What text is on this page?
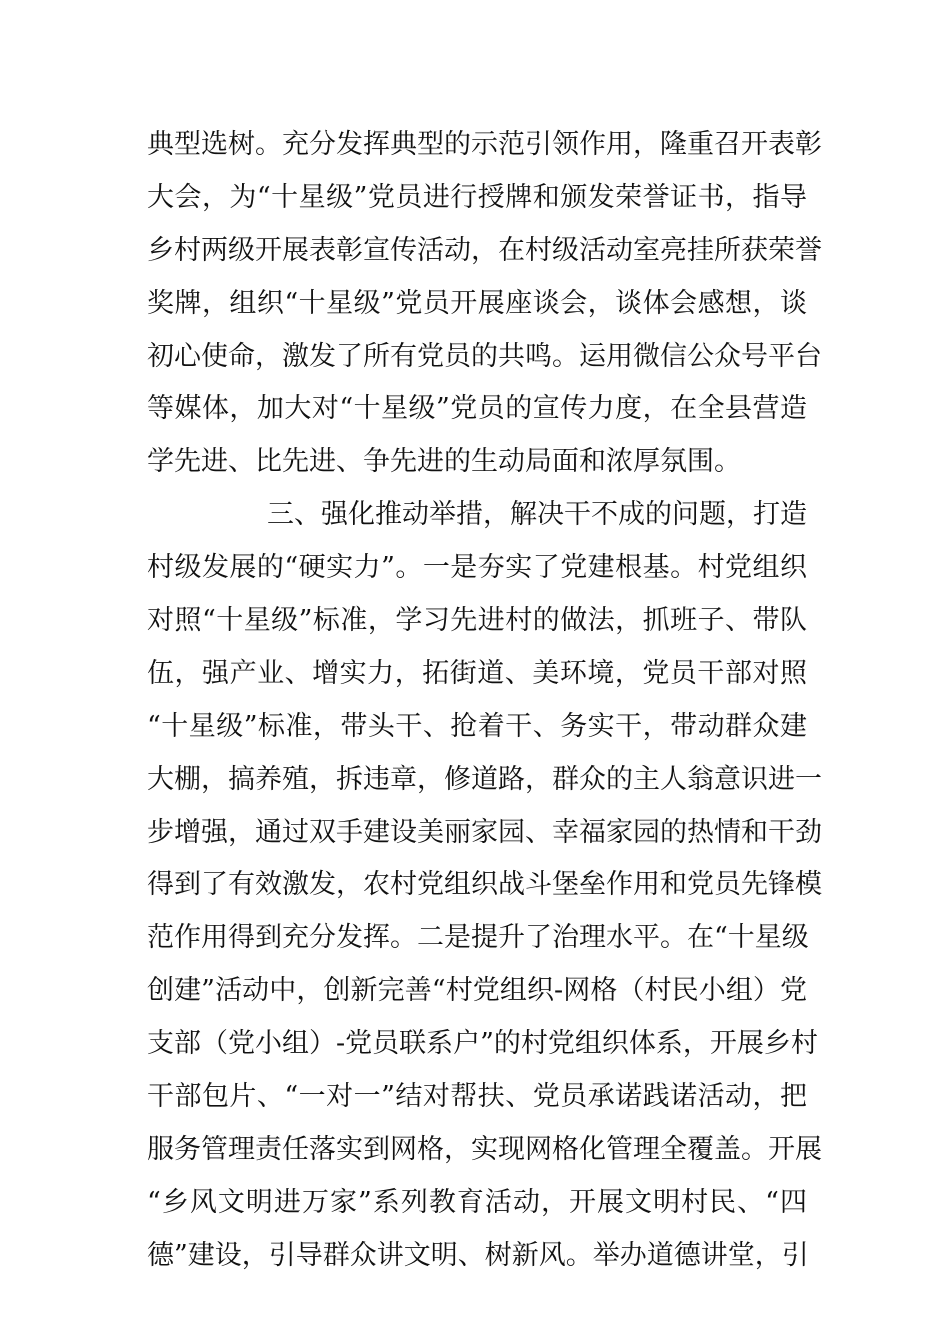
典型选树。充分发挥典型的示范引领作用，隆重召开表彰
大会，为“十星级”党员进行授牌和颁发荣誉证书，指导
乡村两级开展表彰宣传活动，在村级活动室亮挂所获荣誉
奖牌，组织“十星级”党员开展座谈会，谈体会感想，谈
初心使命，激发了所有党员的共鸣。运用微信公众号平台
等媒体，加大对“十星级”党员的宣传力度，在全县营造
学先进、比先进、争先进的生动局面和浓厚氛围。
三、强化推动举措，解决干不成的问题，打造
村级发展的“硬实力”。一是夯实了党建根基。村党组织
对照“十星级”标准，学习先进村的做法，抓班子、带队
伍，强产业、增实力，拓街道、美环境，党员干部对照
“十星级”标准，带头干、抢着干、务实干，带动群众建
大棚，搞养殖，拆违章，修道路，群众的主人翁意识进一
步增强，通过双手建设美丽家园、幸福家园的热情和干劲
得到了有效激发，农村党组织战斗堡垒作用和党员先锋模
范作用得到充分发挥。二是提升了治理水平。在“十星级
创建”活动中，创新完善“村党组织-网格（村民小组）党
支部（党小组）-党员联系户”的村党组织体系，开展乡村
干部包片、“一对一”结对帮扶、党员承诺践诺活动，把
服务管理责任落实到网格，实现网格化管理全覆盖。开展
“乡风文明进万家”系列教育活动，开展文明村民、“四
德”建设，引导群众讲文明、树新风。举办道德讲堂，引
